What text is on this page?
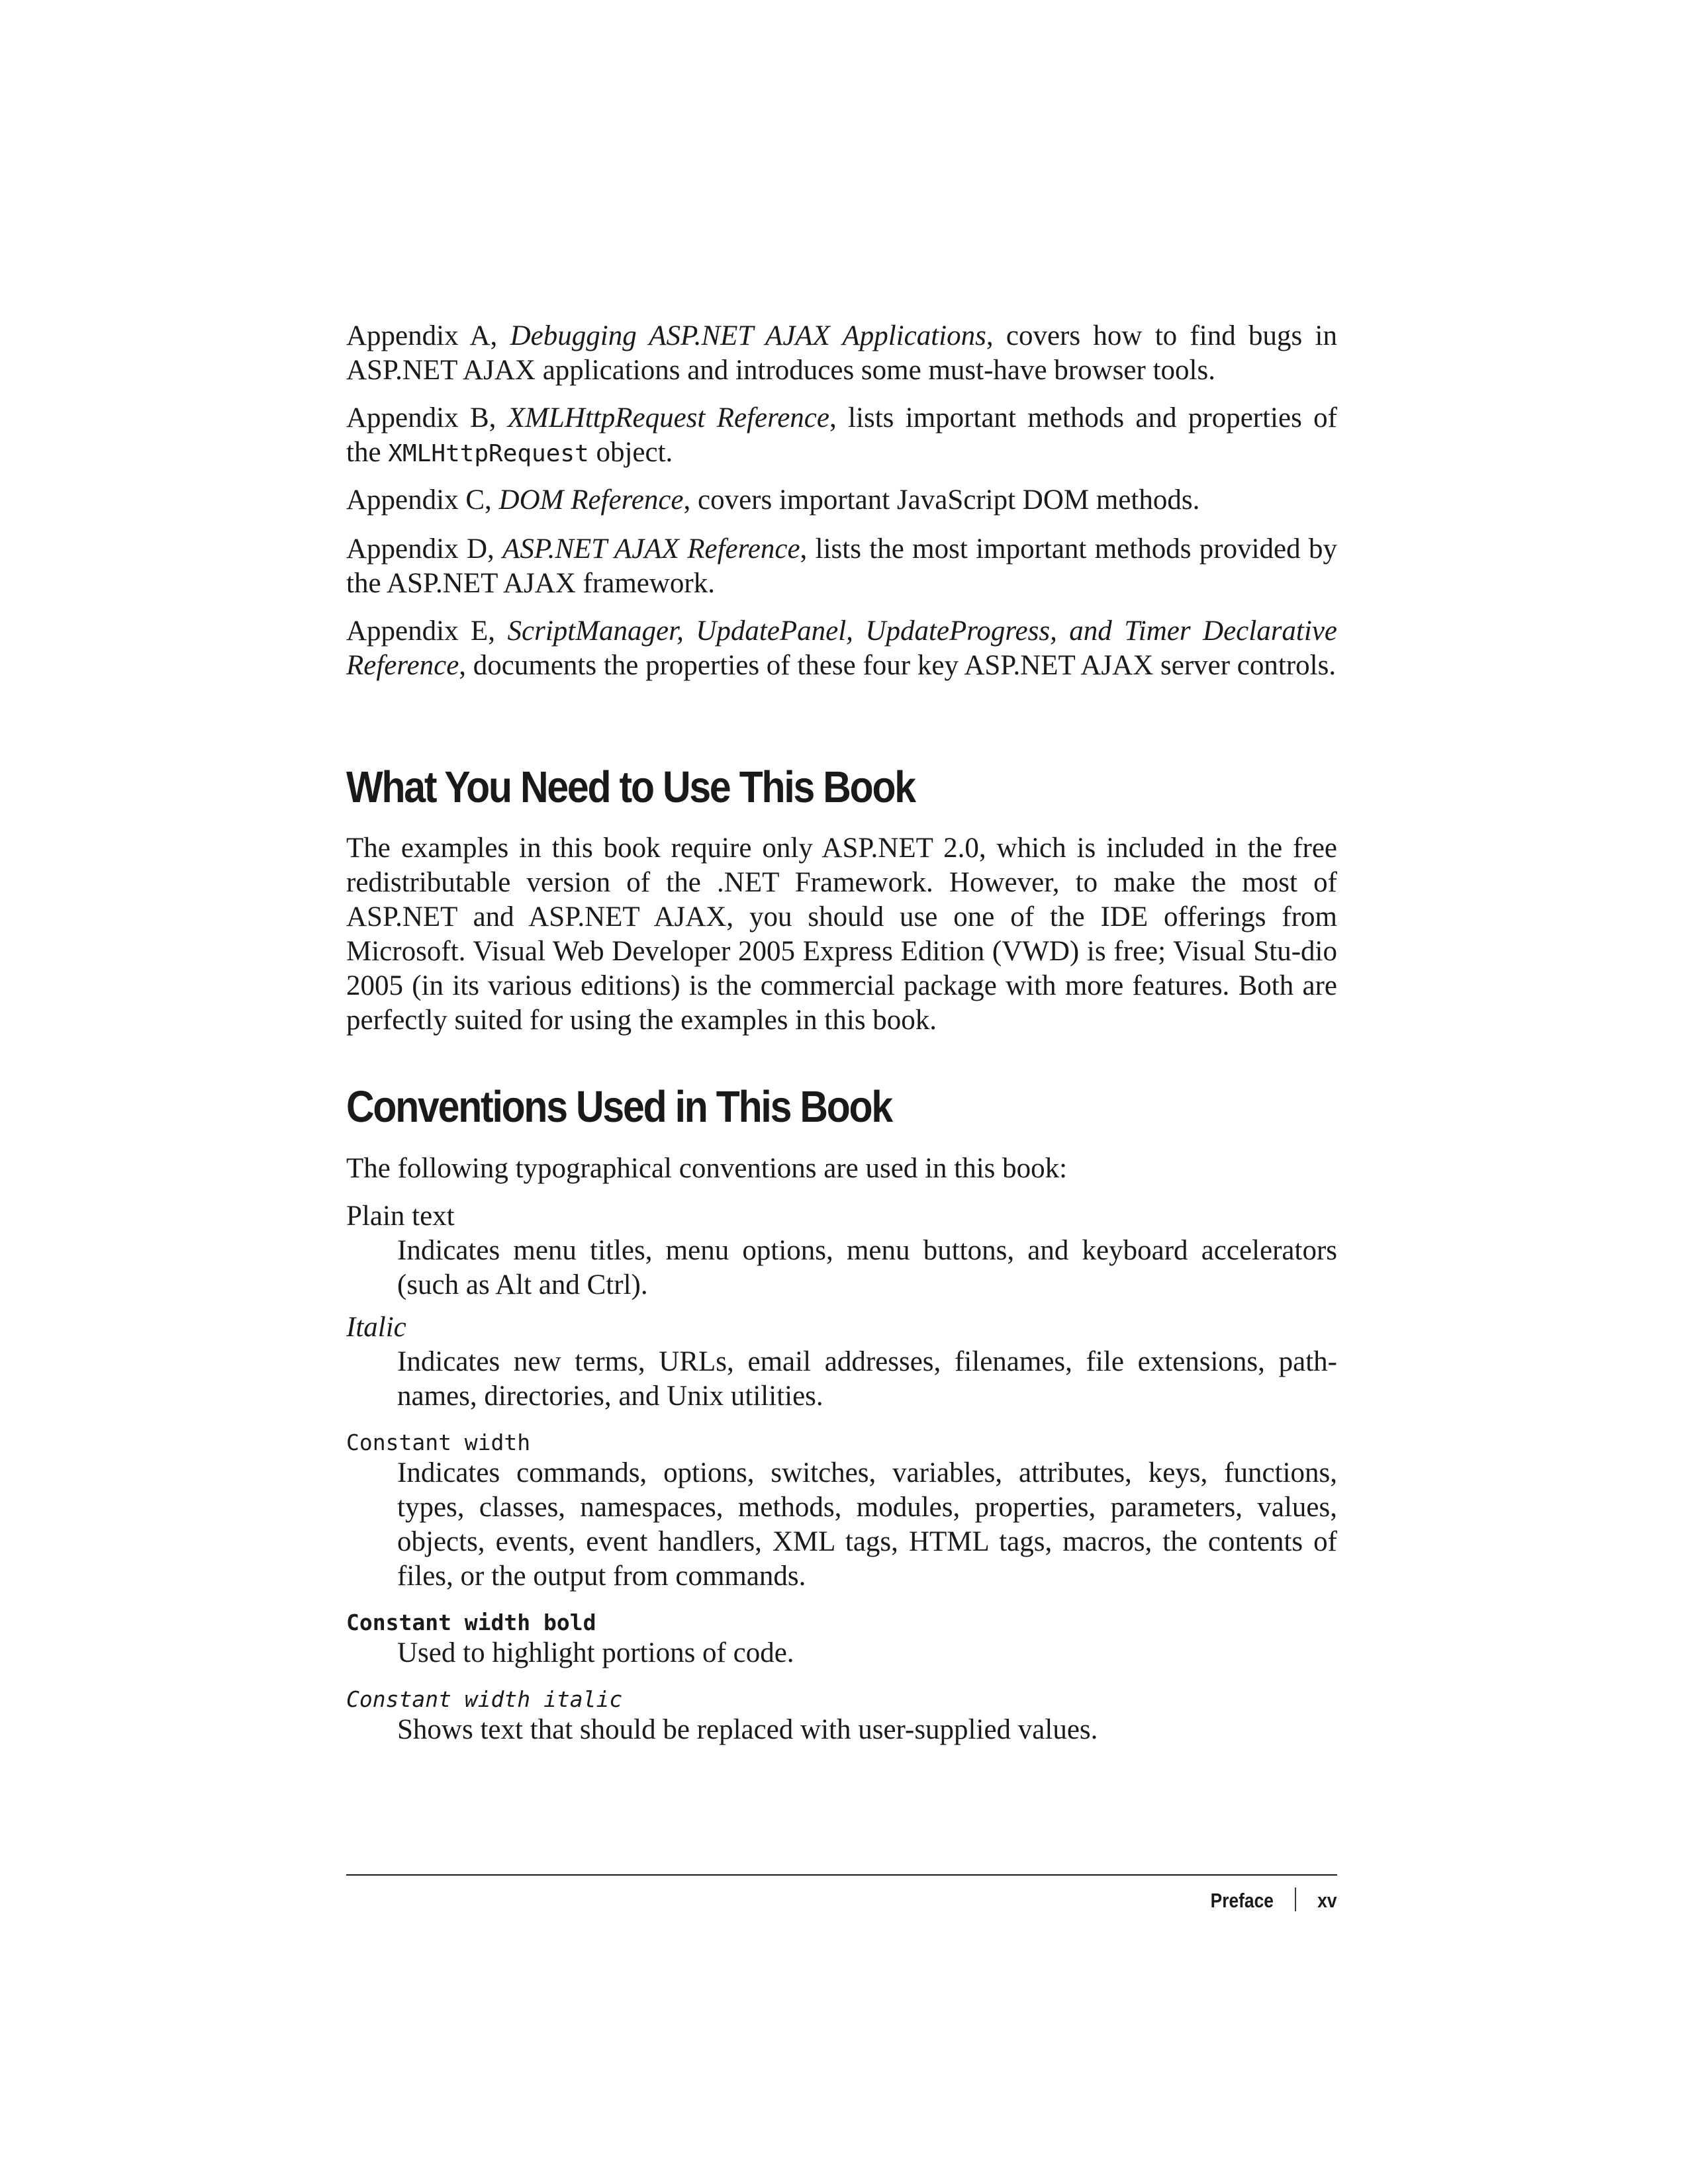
Appendix A, Debugging ASP.NET AJAX Applications, covers how to find bugs in ASP.NET AJAX applications and introduces some must-have browser tools.

Appendix B, XMLHttpRequest Reference, lists important methods and properties of the XMLHttpRequest object.

Appendix C, DOM Reference, covers important JavaScript DOM methods.

Appendix D, ASP.NET AJAX Reference, lists the most important methods provided by the ASP.NET AJAX framework.

Appendix E, ScriptManager, UpdatePanel, UpdateProgress, and Timer Declarative Reference, documents the properties of these four key ASP.NET AJAX server controls.

What You Need to Use This Book

The examples in this book require only ASP.NET 2.0, which is included in the free redistributable version of the .NET Framework. However, to make the most of ASP.NET and ASP.NET AJAX, you should use one of the IDE offerings from Microsoft. Visual Web Developer 2005 Express Edition (VWD) is free; Visual Stu-dio 2005 (in its various editions) is the commercial package with more features. Both are perfectly suited for using the examples in this book.

Conventions Used in This Book

The following typographical conventions are used in this book:

Plain text

Indicates menu titles, menu options, menu buttons, and keyboard accelerators (such as Alt and Ctrl).

Italic

Indicates new terms, URLs, email addresses, filenames, file extensions, path-names, directories, and Unix utilities.

Constant width

Indicates commands, options, switches, variables, attributes, keys, functions, types, classes, namespaces, methods, modules, properties, parameters, values, objects, events, event handlers, XML tags, HTML tags, macros, the contents of files, or the output from commands.

Constant width bold

Used to highlight portions of code.

Constant width italic

Shows text that should be replaced with user-supplied values.

Preface xv
